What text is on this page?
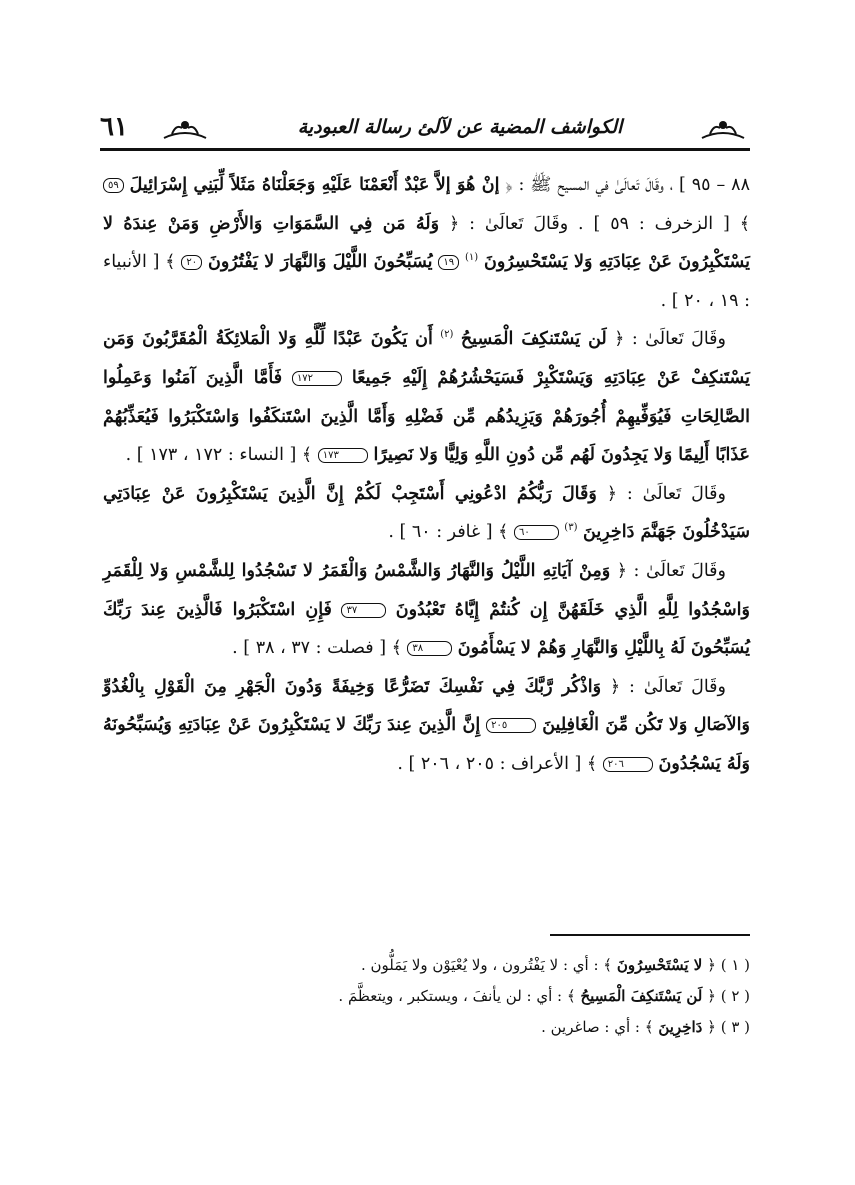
الكواشف المضية عن لآلئ رسالة العبودية
٦١

٨٨ – ٩٥ ] ، وقَالَ تَعالَىٰ في المسيح ﷺ : ﴿ إنْ هُوَ إلاَّ عَبْدٌ أَنْعَمْنَا عَلَيْهِ وَجَعَلْنَاهُ مَثَلاً لِّبَنِي إِسْرَائِيلَ ٥٩ ﴾ [ الزخرف : ٥٩ ] . وقَالَ تَعالَىٰ : ﴿ وَلَهُ مَن فِي السَّمَوَاتِ وَالأَرْضِ وَمَنْ عِندَهُ لا يَسْتَكْبِرُونَ عَنْ عِبَادَتِهِ وَلا يَسْتَحْسِرُونَ $^{(١)}$ ١٩ يُسَبِّحُونَ اللَّيْلَ وَالنَّهَارَ لا يَفْتُرُونَ ٢٠ ﴾ [ الأنبياء : ١٩ ، ٢٠ ] .

وقَالَ تَعالَىٰ : ﴿ لَن يَسْتَنكِفَ الْمَسِيحُ $^{(٢)}$ أَن يَكُونَ عَبْدًا لِّلَّهِ وَلا الْمَلائِكَةُ الْمُقَرَّبُونَ وَمَن يَسْتَنكِفْ عَنْ عِبَادَتِهِ وَيَسْتَكْبِرْ فَسَيَحْشُرُهُمْ إِلَيْهِ جَمِيعًا ١٧٢ فَأَمَّا الَّذِينَ آمَنُوا وَعَمِلُوا الصَّالِحَاتِ فَيُوَفِّيهِمْ أُجُورَهُمْ وَيَزِيدُهُم مِّن فَضْلِهِ وَأَمَّا الَّذِينَ اسْتَنكَفُوا وَاسْتَكْبَرُوا فَيُعَذِّبُهُمْ عَذَابًا أَلِيمًا وَلا يَجِدُونَ لَهُم مِّن دُونِ اللَّهِ وَلِيًّا وَلا نَصِيرًا ١٧٣ ﴾ [ النساء : ١٧٢ ، ١٧٣ ] .

وقَالَ تَعالَىٰ : ﴿ وَقَالَ رَبُّكُمُ ادْعُونِي أَسْتَجِبْ لَكُمْ إِنَّ الَّذِينَ يَسْتَكْبِرُونَ عَنْ عِبَادَتِي سَيَدْخُلُونَ جَهَنَّمَ دَاخِرِينَ $^{(٣)}$ ٦٠ ﴾ [ غافر : ٦٠ ] .

وقَالَ تَعالَىٰ : ﴿ وَمِنْ آيَاتِهِ اللَّيْلُ وَالنَّهَارُ وَالشَّمْسُ وَالْقَمَرُ لا تَسْجُدُوا لِلشَّمْسِ وَلا لِلْقَمَرِ وَاسْجُدُوا لِلَّهِ الَّذِي خَلَقَهُنَّ إِن كُنتُمْ إِيَّاهُ تَعْبُدُونَ ٣٧ فَإِنِ اسْتَكْبَرُوا فَالَّذِينَ عِندَ رَبِّكَ يُسَبِّحُونَ لَهُ بِاللَّيْلِ وَالنَّهَارِ وَهُمْ لا يَسْأَمُونَ ٣٨ ﴾ [ فصلت : ٣٧ ، ٣٨ ] .

وقَالَ تَعالَىٰ : ﴿ وَاذْكُر رَّبَّكَ فِي نَفْسِكَ تَضَرُّعًا وَخِيفَةً وَدُونَ الْجَهْرِ مِنَ الْقَوْلِ بِالْغُدُوِّ وَالآصَالِ وَلا تَكُن مِّنَ الْغَافِلِينَ ٢٠٥ إِنَّ الَّذِينَ عِندَ رَبِّكَ لا يَسْتَكْبِرُونَ عَنْ عِبَادَتِهِ وَيُسَبِّحُونَهُ وَلَهُ يَسْجُدُونَ ٢٠٦ ﴾ [ الأعراف : ٢٠٥ ، ٢٠٦ ] .

( ١ ) ﴿ لا يَسْتَحْسِرُونَ ﴾ : أي : لا يَفْتُرون ، ولا يُعْيَوْن ولا يَمَلُّون .
( ٢ ) ﴿ لَن يَسْتَنكِفَ الْمَسِيحُ ﴾ : أي : لن يأنفَ ، ويستكبر ، ويتعظَّمَ .
( ٣ ) ﴿ دَاخِرِينَ ﴾ : أي : صاغرين .
